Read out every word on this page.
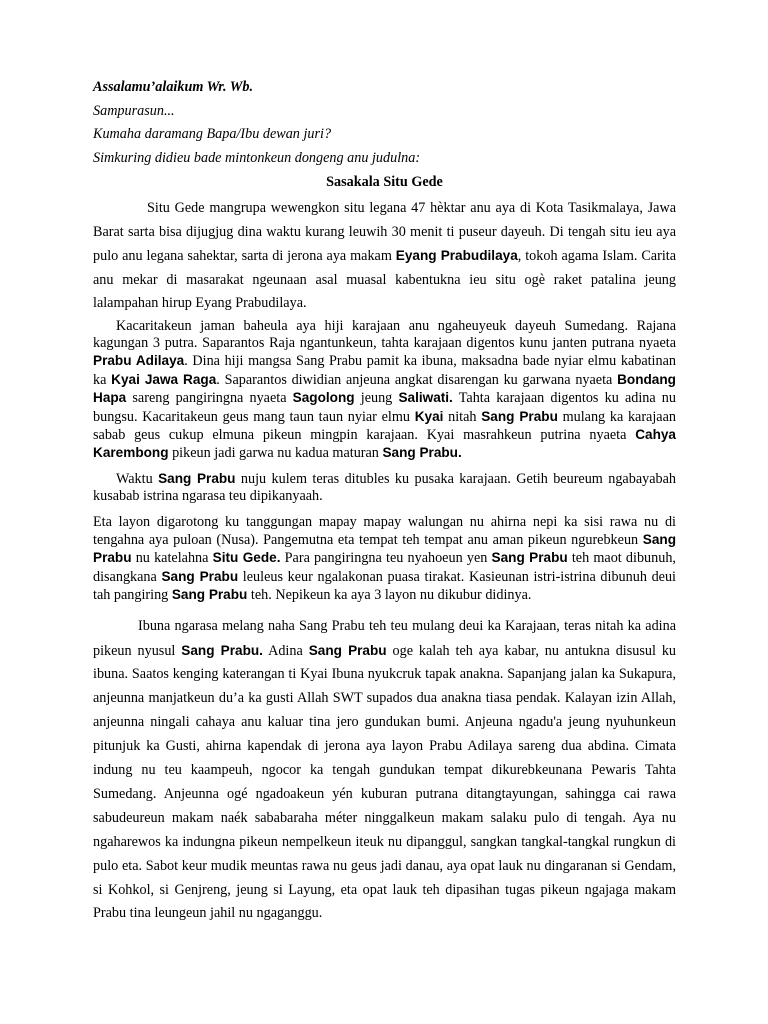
Assalamu’alaikum Wr. Wb.

Sampurasun...

Kumaha daramang Bapa/Ibu dewan juri?

Simkuring didieu bade mintonkeun dongeng anu judulna:

Sasakala Situ Gede

Situ Gede mangrupa wewengkon situ legana 47 hèktar anu aya di Kota Tasikmalaya, Jawa Barat sarta bisa dijugjug dina waktu kurang leuwih 30 menit ti puseur dayeuh. Di tengah situ ieu aya pulo anu legana sahektar, sarta di jerona aya makam Eyang Prabudilaya, tokoh agama Islam. Carita anu mekar di masarakat ngeunaan asal muasal kabentukna ieu situ ogè raket patalina jeung lalampahan hirup Eyang Prabudilaya.

Kacaritakeun jaman baheula aya hiji karajaan anu ngaheuyeuk dayeuh Sumedang. Rajana kagungan 3 putra. Saparantos Raja ngantunkeun, tahta karajaan digentos kunu janten putrana nyaeta Prabu Adilaya. Dina hiji mangsa Sang Prabu pamit ka ibuna, maksadna bade nyiar elmu kabatinan ka Kyai Jawa Raga. Saparantos diwidian anjeuna angkat disarengan ku garwana nyaeta Bondang Hapa sareng pangiringna nyaeta Sagolong jeung Saliwati. Tahta karajaan digentos ku adina nu bungsu. Kacaritakeun geus mang taun taun nyiar elmu Kyai nitah Sang Prabu mulang ka karajaan sabab geus cukup elmuna pikeun mingpin karajaan. Kyai masrahkeun putrina nyaeta Cahya Karembong pikeun jadi garwa nu kadua maturan Sang Prabu.

Waktu Sang Prabu nuju kulem teras ditubles ku pusaka karajaan. Getih beureum ngabayabah kusabab istrina ngarasa teu dipikanyaah.

Eta layon digarotong ku tanggungan mapay mapay walungan nu ahirna nepi ka sisi rawa nu di tengahna aya puloan (Nusa). Pangemutna eta tempat teh tempat anu aman pikeun ngurebkeun Sang Prabu nu katelahna Situ Gede. Para pangiringna teu nyahoeun yen Sang Prabu teh maot dibunuh, disangkana Sang Prabu leuleus keur ngalakonan puasa tirakat. Kasieunan istri-istrina dibunuh deui tah pangiring Sang Prabu teh. Nepikeun ka aya 3 layon nu dikubur didinya.

Ibuna ngarasa melang naha Sang Prabu teh teu mulang deui ka Karajaan, teras nitah ka adina pikeun nyusul Sang Prabu. Adina Sang Prabu oge kalah teh aya kabar, nu antukna disusul ku ibuna. Saatos kenging katerangan ti Kyai Ibuna nyukcruk tapak anakna. Sapanjang jalan ka Sukapura, anjeunna manjatkeun du’a ka gusti Allah SWT supados dua anakna tiasa pendak. Kalayan izin Allah, anjeunna ningali cahaya anu kaluar tina jero gundukan bumi. Anjeuna ngadu'a jeung nyuhunkeun pitunjuk ka Gusti, ahirna kapendak di jerona aya layon Prabu Adilaya sareng dua abdina. Cimata indung nu teu kaampeuh, ngocor ka tengah gundukan tempat dikurebkeunana Pewaris Tahta Sumedang. Anjeunna ogé ngadoakeun yén kuburan putrana ditangtayungan, sahingga cai rawa sabudeureun makam naék sababaraha méter ninggalkeun makam salaku pulo di tengah. Aya nu ngaharewos ka indungna pikeun nempelkeun iteuk nu dipanggul, sangkan tangkal-tangkal rungkun di pulo eta. Sabot keur mudik meuntas rawa nu geus jadi danau, aya opat lauk nu dingaranan si Gendam, si Kohkol, si Genjreng, jeung si Layung, eta opat lauk teh dipasihan tugas pikeun ngajaga makam Prabu tina leungeun jahil nu ngaganggu.
